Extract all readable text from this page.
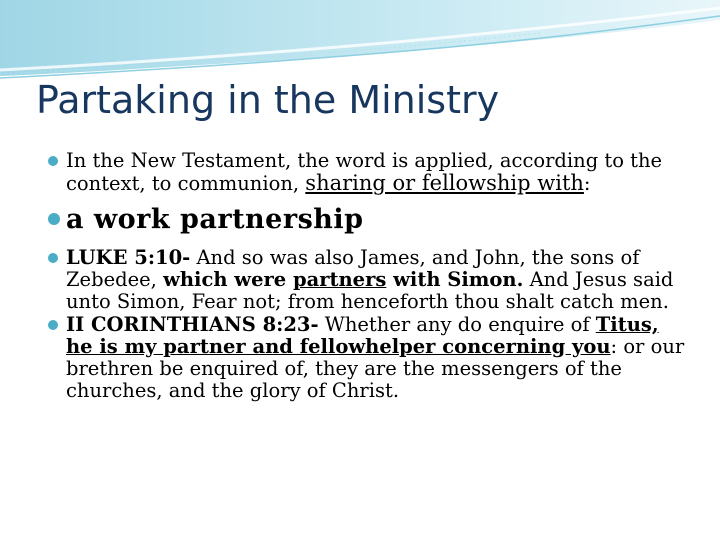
Partaking in the Ministry
In the New Testament, the word is applied, according to the context, to communion, sharing or fellowship with:
a work partnership
LUKE 5:10- And so was also James, and John, the sons of Zebedee, which were partners with Simon. And Jesus said unto Simon, Fear not; from henceforth thou shalt catch men.
II CORINTHIANS 8:23- Whether any do enquire of Titus, he is my partner and fellowhelper concerning you: or our brethren be enquired of, they are the messengers of the churches, and the glory of Christ.
